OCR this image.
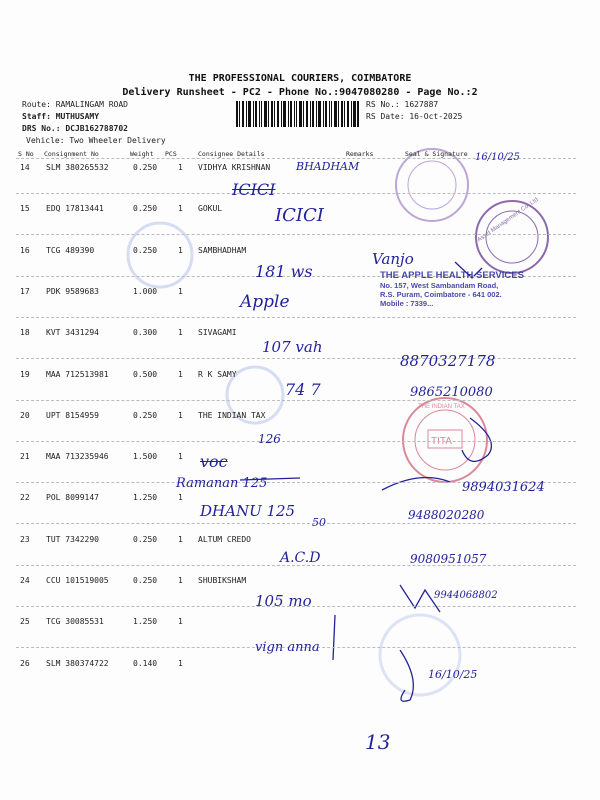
Asset Management Co. Ltd
TITA
THE INDIAN TAX
THE PROFESSIONAL COURIERS, COIMBATORE
Delivery Runsheet - PC2 - Phone No.:9047080280 - Page No.:2
Route: RAMALINGAM ROAD
Staff: MUTHUSAMY
DRS No.: DCJB162788702
Vehicle: Two Wheeler Delivery
RS No.: 1627887
RS Date: 16-Oct-2025
S No Consignment No	Weight PCS	Consignee Details	Remarks	Seal & Signature
14 SLM 380265532	0.250	1 VIDHYA KRISHNAN
15 EDQ 17813441	0.250	1 GOKUL
16 TCG 489390	0.250	1 SAMBHADHAM
17 PDK 9589683	1.000	1
18 KVT 3431294	0.300	1 SIVAGAMI
19 MAA 712513981	0.500	1 R K SAMY
20 UPT 8154959	0.250	1 THE INDIAN TAX
21 MAA 713235946	1.500	1
22 POL 8099147	1.250	1
23 TUT 7342290	0.250	1 ALTUM CREDO
24 CCU 101519005	0.250	1 SHUBIKSHAM
25 TCG 30085531	1.250	1
26 SLM 380374722	0.140	1
BHADHAM
ICICI
16/10/25
ICICI
181 ws
Vanjo
Apple
THE APPLE HEALTH SERVICES
No. 157, West Sambandam Road,
R.S. Puram, Coimbatore - 641 002.
Mobile : 7339...
107 vah
8870327178
74 7	9865210080
126
voc
Ramanan 125	9894031624
DHANU 125
50
9488020280
A.C.D	9080951057
105 mo	9944068802
vign anna
16/10/25
13
